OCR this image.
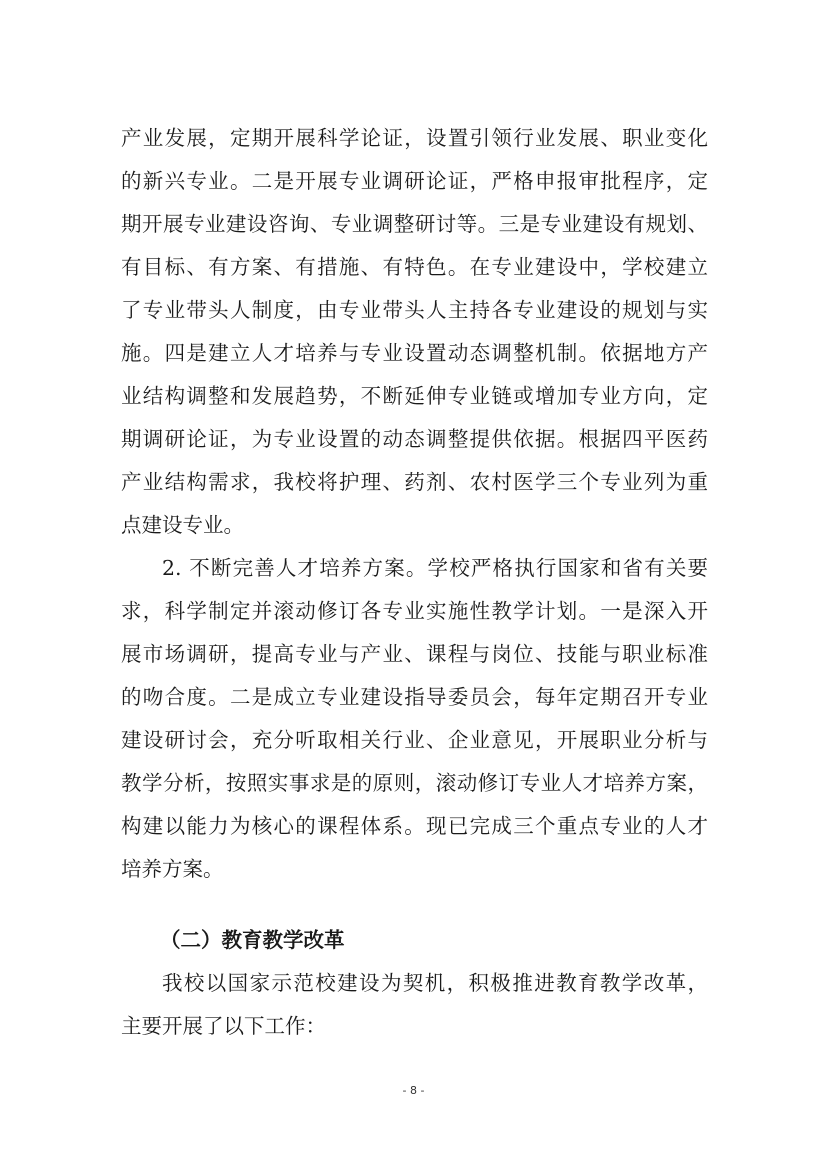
产业发展，定期开展科学论证，设置引领行业发展、职业变化
的新兴专业。二是开展专业调研论证，严格申报审批程序，定
期开展专业建设咨询、专业调整研讨等。三是专业建设有规划、
有目标、有方案、有措施、有特色。在专业建设中，学校建立
了专业带头人制度，由专业带头人主持各专业建设的规划与实
施。四是建立人才培养与专业设置动态调整机制。依据地方产
业结构调整和发展趋势，不断延伸专业链或增加专业方向，定
期调研论证，为专业设置的动态调整提供依据。根据四平医药
产业结构需求，我校将护理、药剂、农村医学三个专业列为重
点建设专业。
2. 不断完善人才培养方案。学校严格执行国家和省有关要
求，科学制定并滚动修订各专业实施性教学计划。一是深入开
展市场调研，提高专业与产业、课程与岗位、技能与职业标准
的吻合度。二是成立专业建设指导委员会，每年定期召开专业
建设研讨会，充分听取相关行业、企业意见，开展职业分析与
教学分析，按照实事求是的原则，滚动修订专业人才培养方案，
构建以能力为核心的课程体系。现已完成三个重点专业的人才
培养方案。
（二）教育教学改革
我校以国家示范校建设为契机，积极推进教育教学改革，
主要开展了以下工作：
- 8 -
